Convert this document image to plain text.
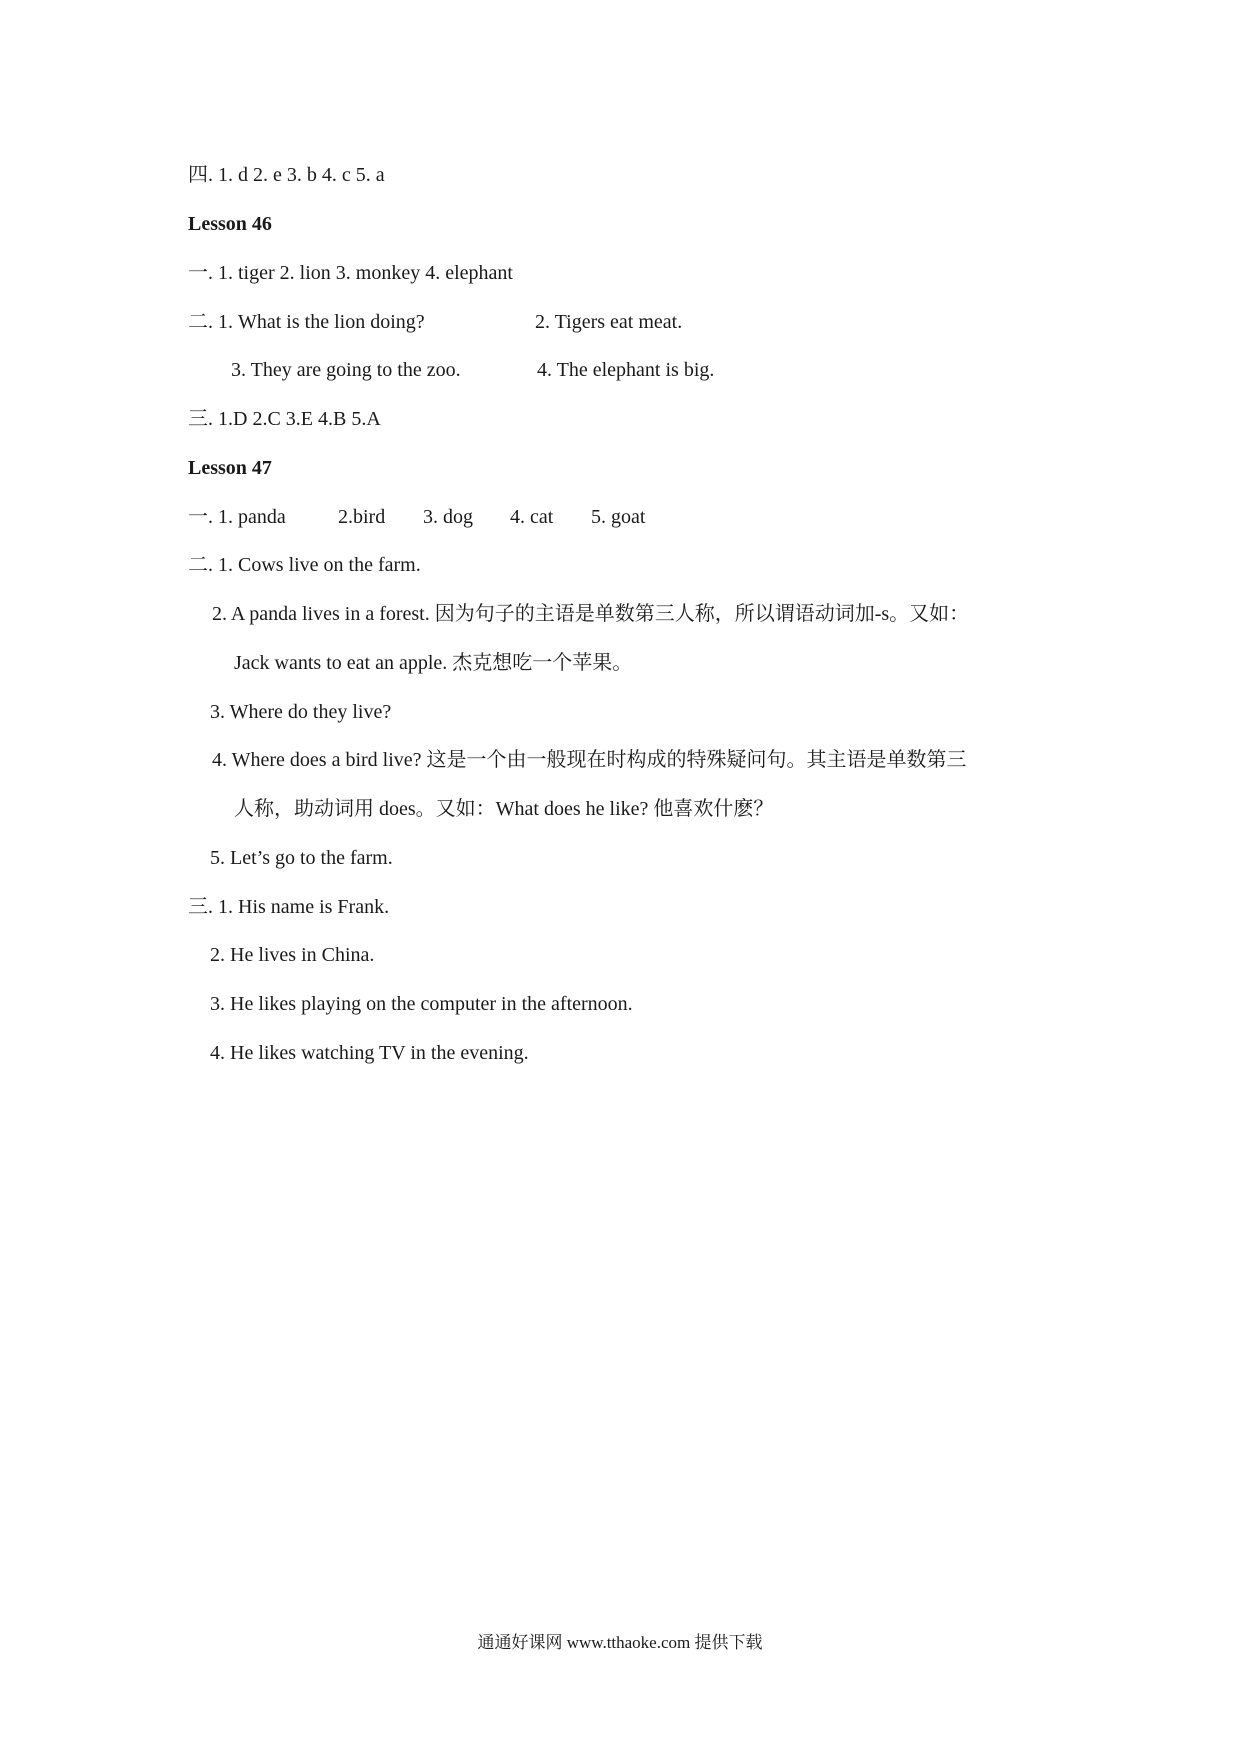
四. 1. d 2. e 3. b 4. c 5. a
Lesson 46
一. 1. tiger 2. lion 3. monkey 4. elephant
二. 1. What is the lion doing?	2. Tigers eat meat.
3. They are going to the zoo.	4. The elephant is big.
三. 1.D 2.C 3.E 4.B 5.A
Lesson 47
一. 1. panda	2.bird 3. dog 4. cat 5. goat
二. 1. Cows live on the farm.
2. A panda lives in a forest. 因为句子的主语是单数第三人称，所以谓语动词加-s。又如：
Jack wants to eat an apple. 杰克想吃一个苹果。
3. Where do they live?
4. Where does a bird live? 这是一个由一般现在时构成的特殊疑问句。其主语是单数第三
人称，助动词用 does。又如：What does he like? 他喜欢什麽？
5. Let’s go to the farm.
三. 1. His name is Frank.
2. He lives in China.
3. He likes playing on the computer in the afternoon.
4. He likes watching TV in the evening.
通通好课网 www.tthaoke.com 提供下载
